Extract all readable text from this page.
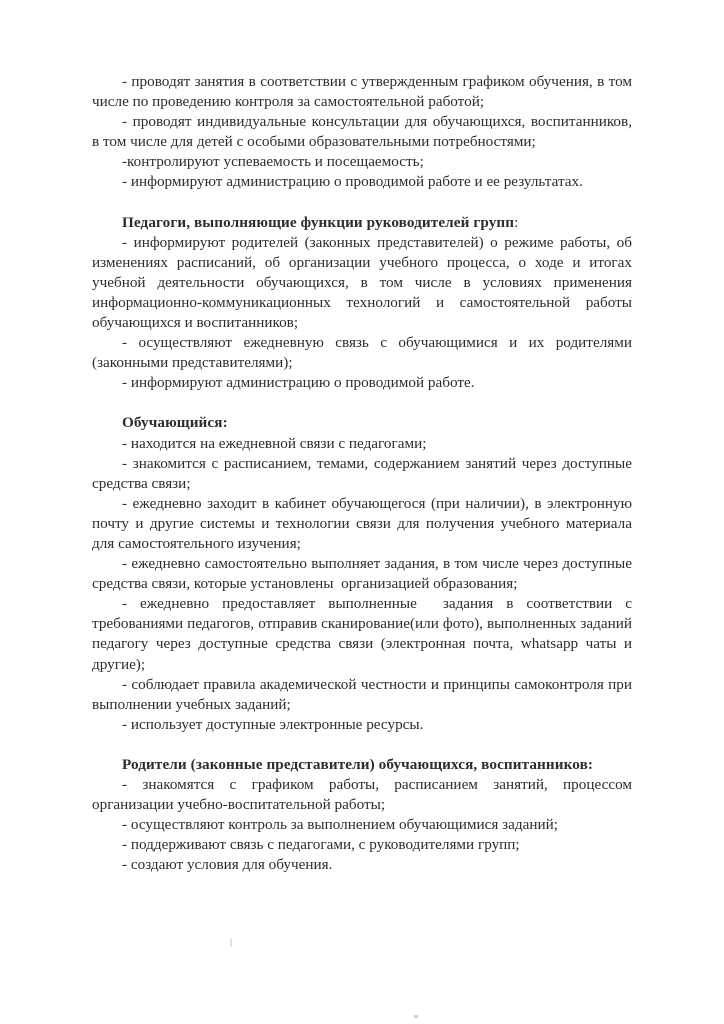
- проводят занятия в соответствии с утвержденным графиком обучения, в том числе по проведению контроля за самостоятельной работой;

- проводят индивидуальные консультации для обучающихся, воспитанников, в том числе для детей с особыми образовательными потребностями;

-контролируют успеваемость и посещаемость;

- информируют администрацию о проводимой работе и ее результатах.

Педагоги, выполняющие функции руководителей групп:

- информируют родителей (законных представителей) о режиме работы, об изменениях расписаний, об организации учебного процесса, о ходе и итогах учебной деятельности обучающихся, в том числе в условиях применения информационно-коммуникационных технологий и самостоятельной работы обучающихся и воспитанников;

- осуществляют ежедневную связь с обучающимися и их родителями (законными представителями);

- информируют администрацию о проводимой работе.

Обучающийся:

- находится на ежедневной связи с педагогами;

- знакомится с расписанием, темами, содержанием занятий через доступные средства связи;

- ежедневно заходит в кабинет обучающегося (при наличии), в электронную почту и другие системы и технологии связи для получения учебного материала для самостоятельного изучения;

- ежедневно самостоятельно выполняет задания, в том числе через доступные средства связи, которые установлены  организацией образования;

- ежедневно предоставляет выполненные  задания в соответствии с требованиями педагогов, отправив сканирование(или фото), выполненных заданий педагогу через доступные средства связи (электронная почта, whatsapp чаты и другие);

- соблюдает правила академической честности и принципы самоконтроля при выполнении учебных заданий;

- использует доступные электронные ресурсы.

Родители (законные представители) обучающихся, воспитанников:

- знакомятся с графиком работы, расписанием занятий, процессом организации учебно-воспитательной работы;

- осуществляют контроль за выполнением обучающимися заданий;

- поддерживают связь с педагогами, с руководителями групп;

- создают условия для обучения.
